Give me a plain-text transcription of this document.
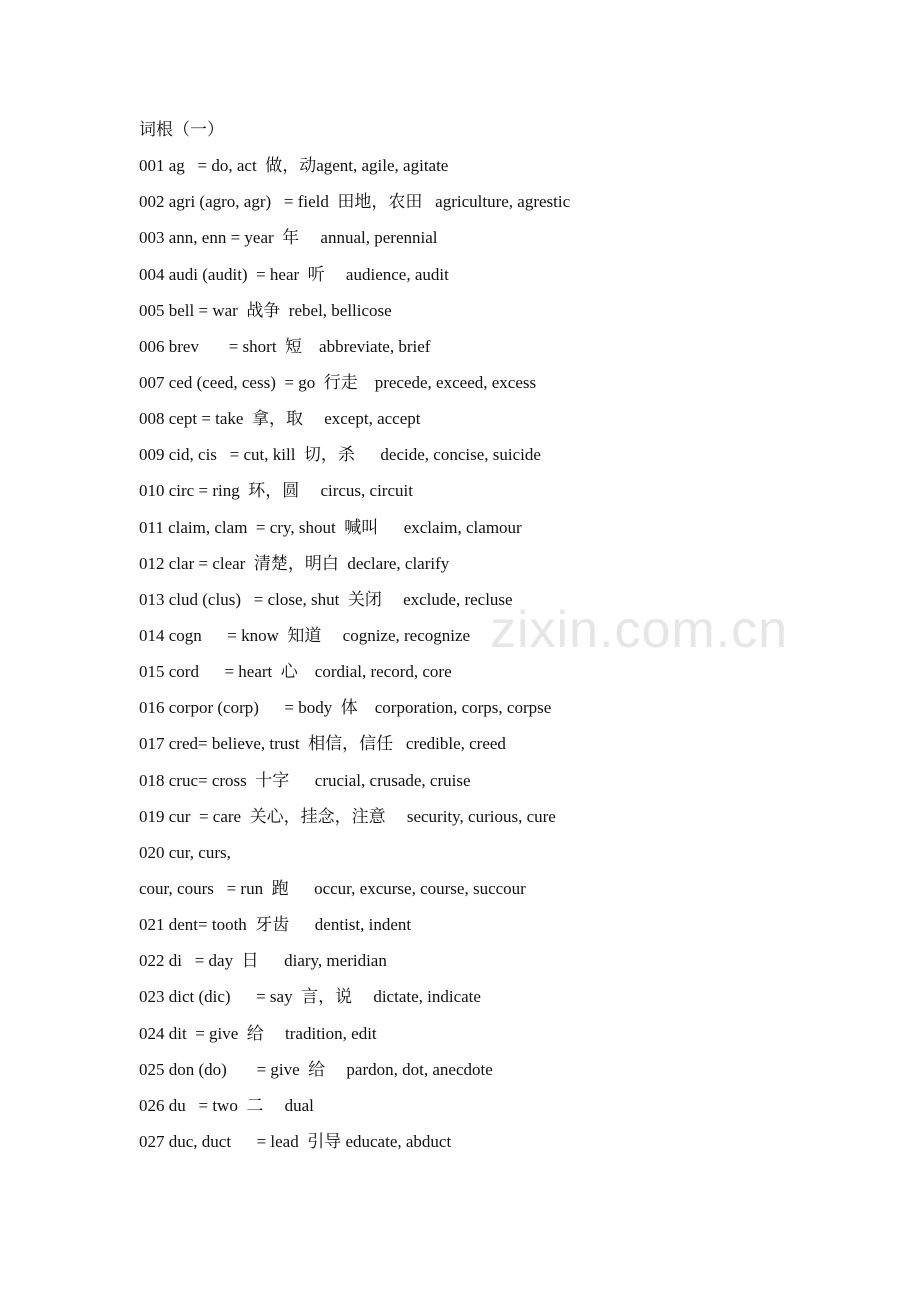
zixin.com.cn
词根（一）
001 ag   = do, act  做，动agent, agile, agitate
002 agri (agro, agr)   = field  田地，农田   agriculture, agrestic
003 ann, enn = year  年     annual, perennial
004 audi (audit)  = hear  听     audience, audit
005 bell = war  战争  rebel, bellicose
006 brev       = short  短    abbreviate, brief
007 ced (ceed, cess)  = go  行走    precede, exceed, excess
008 cept = take  拿，取     except, accept
009 cid, cis   = cut, kill  切，杀      decide, concise, suicide
010 circ = ring  环，圆     circus, circuit
011 claim, clam  = cry, shout  喊叫      exclaim, clamour
012 clar = clear  清楚，明白  declare, clarify
013 clud (clus)   = close, shut  关闭     exclude, recluse
014 cogn      = know  知道     cognize, recognize
015 cord      = heart  心    cordial, record, core
016 corpor (corp)      = body  体    corporation, corps, corpse
017 cred= believe, trust  相信，信任   credible, creed
018 cruc= cross  十字      crucial, crusade, cruise
019 cur  = care  关心，挂念，注意     security, curious, cure
020 cur, curs,
cour, cours   = run  跑      occur, excurse, course, succour
021 dent= tooth  牙齿      dentist, indent
022 di   = day  日      diary, meridian
023 dict (dic)      = say  言，说     dictate, indicate
024 dit  = give  给     tradition, edit
025 don (do)       = give  给     pardon, dot, anecdote
026 du   = two  二     dual
027 duc, duct      = lead  引导 educate, abduct
